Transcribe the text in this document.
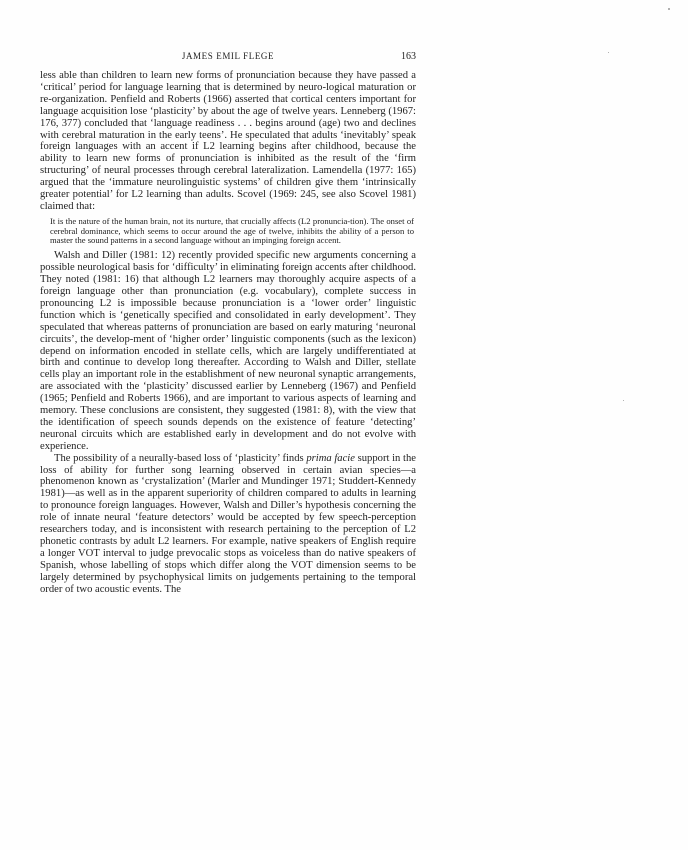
JAMES EMIL FLEGE	163

less able than children to learn new forms of pronunciation because they have passed a ‘critical’ period for language learning that is determined by neuro-logical maturation or re-organization. Penfield and Roberts (1966) asserted that cortical centers important for language acquisition lose ‘plasticity’ by about the age of twelve years. Lenneberg (1967: 176, 377) concluded that ‘language readiness . . . begins around (age) two and declines with cerebral maturation in the early teens’. He speculated that adults ‘inevitably’ speak foreign languages with an accent if L2 learning begins after childhood, because the ability to learn new forms of pronunciation is inhibited as the result of the ‘firm structuring’ of neural processes through cerebral lateralization. Lamendella (1977: 165) argued that the ‘immature neurolinguistic systems’ of children give them ‘intrinsically greater potential’ for L2 learning than adults. Scovel (1969: 245, see also Scovel 1981) claimed that:

It is the nature of the human brain, not its nurture, that crucially affects (L2 pronuncia-tion). The onset of cerebral dominance, which seems to occur around the age of twelve, inhibits the ability of a person to master the sound patterns in a second language without an impinging foreign accent.

Walsh and Diller (1981: 12) recently provided specific new arguments concerning a possible neurological basis for ‘difficulty’ in eliminating foreign accents after childhood. They noted (1981: 16) that although L2 learners may thoroughly acquire aspects of a foreign language other than pronunciation (e.g. vocabulary), complete success in pronouncing L2 is impossible because pronunciation is a ‘lower order’ linguistic function which is ‘genetically specified and consolidated in early development’. They speculated that whereas patterns of pronunciation are based on early maturing ‘neuronal circuits’, the develop-ment of ‘higher order’ linguistic components (such as the lexicon) depend on information encoded in stellate cells, which are largely undifferentiated at birth and continue to develop long thereafter. According to Walsh and Diller, stellate cells play an important role in the establishment of new neuronal synaptic arrangements, are associated with the ‘plasticity’ discussed earlier by Lenneberg (1967) and Penfield (1965; Penfield and Roberts 1966), and are important to various aspects of learning and memory. These conclusions are consistent, they suggested (1981: 8), with the view that the identification of speech sounds depends on the existence of feature ‘detecting’ neuronal circuits which are established early in development and do not evolve with experience.

The possibility of a neurally-based loss of ‘plasticity’ finds prima facie support in the loss of ability for further song learning observed in certain avian species—a phenomenon known as ‘crystalization’ (Marler and Mundinger 1971; Studdert-Kennedy 1981)—as well as in the apparent superiority of children compared to adults in learning to pronounce foreign languages. However, Walsh and Diller’s hypothesis concerning the role of innate neural ‘feature detectors’ would be accepted by few speech-perception researchers today, and is inconsistent with research pertaining to the perception of L2 phonetic contrasts by adult L2 learners. For example, native speakers of English require a longer VOT interval to judge prevocalic stops as voiceless than do native speakers of Spanish, whose labelling of stops which differ along the VOT dimension seems to be largely determined by psychophysical limits on judgements pertaining to the temporal order of two acoustic events. The
